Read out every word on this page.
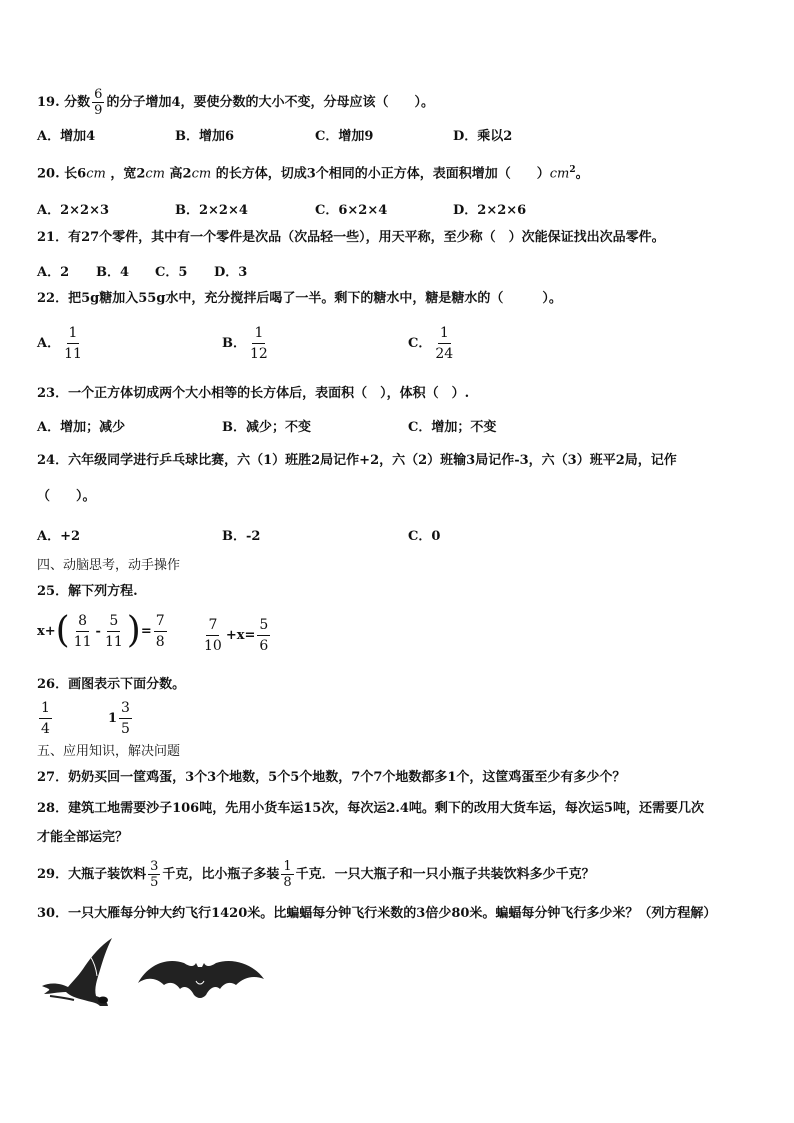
19. 分数 $\frac{6}{9}$ 的分子增加4，要使分数的大小不变，分母应该（　　）。
A．增加4	B．增加6	C．增加9	D．乘以2
20. 长6cm ，宽2cm 高2cm 的长方体，切成3个相同的小正方体，表面积增加（　　）$cm^2$。
A．2×2×3	B．2×2×4	C．6×2×4	D．2×2×6
21．有27个零件，其中有一个零件是次品（次品轻一些），用天平称，至少称（　）次能保证找出次品零件。
A．2 B．4 C．5 D．3
22．把5g糖加入55g水中，充分搅拌后喝了一半。剩下的糖水中，糖是糖水的（　　　）。
A． $\frac{1}{11}$	B． $\frac{1}{12}$	C． $\frac{1}{24}$
23．一个正方体切成两个大小相等的长方体后，表面积（　），体积（　）.
A．增加；减少	B．减少；不变	C．增加；不变
24．六年级同学进行乒乓球比赛，六（1）班胜2局记作+2，六（2）班输3局记作-3，六（3）班平2局，记作
（　　）。
A．+2	B．-2	C．0
四、动脑思考，动手操作
25．解下列方程.
x+ ( $\frac{8}{11} - \frac{5}{11}$ ) = $\frac{7}{8}$	$\frac{7}{10} +x= \frac{5}{6}$
26．画图表示下面分数。
$\frac{1}{4}$	$1 \frac{3}{5}$
五、应用知识，解决问题
27．奶奶买回一筐鸡蛋，3个3个地数，5个5个地数，7个7个地数都多1个，这筐鸡蛋至少有多少个？
28．建筑工地需要沙子106吨，先用小货车运15次，每次运2.4吨。剩下的改用大货车运，每次运5吨，还需要几次
才能全部运完？
29．大瓶子装饮料 $\frac{3}{5}$ 千克，比小瓶子多装 $\frac{1}{8}$ 千克．一只大瓶子和一只小瓶子共装饮料多少千克？
30．一只大雁每分钟大约飞行1420米。比蝙蝠每分钟飞行米数的3倍少80米。蝙蝠每分钟飞行多少米？（列方程解）
